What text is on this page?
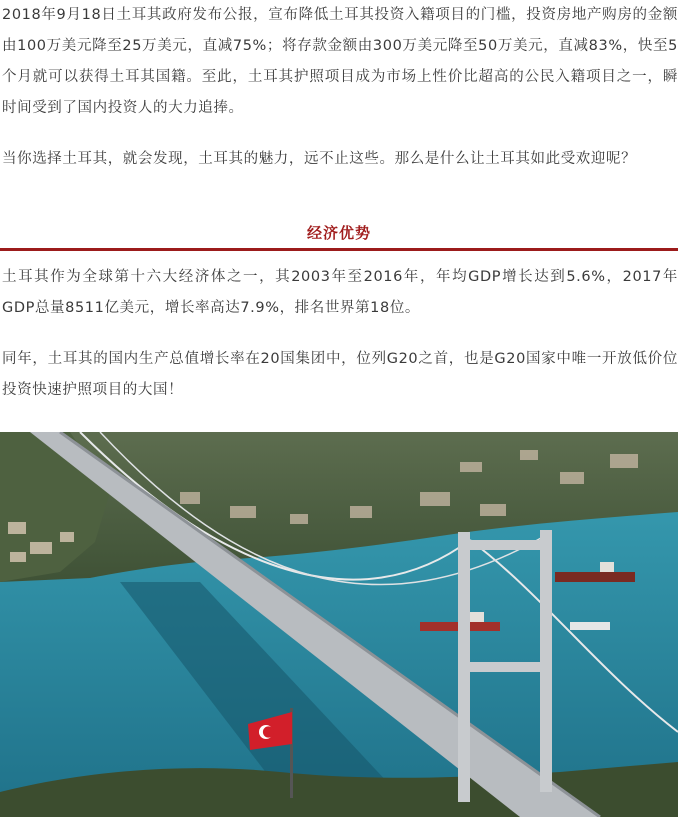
2018年9月18日土耳其政府发布公报，宣布降低土耳其投资入籍项目的门槛，投资房地产购房的金额由100万美元降至25万美元，直减75%；将存款金额由300万美元降至50万美元，直减83%，快至5个月就可以获得土耳其国籍。至此，土耳其护照项目成为市场上性价比超高的公民入籍项目之一，瞬时间受到了国内投资人的大力追捧。

当你选择土耳其，就会发现，土耳其的魅力，远不止这些。那么是什么让土耳其如此受欢迎呢？

经济优势

土耳其作为全球第十六大经济体之一，其2003年至2016年，年均GDP增长达到5.6%，2017年GDP总量8511亿美元，增长率高达7.9%，排名世界第18位。

同年，土耳其的国内生产总值增长率在20国集团中，位列G20之首，也是G20国家中唯一开放低价位投资快速护照项目的大国！
